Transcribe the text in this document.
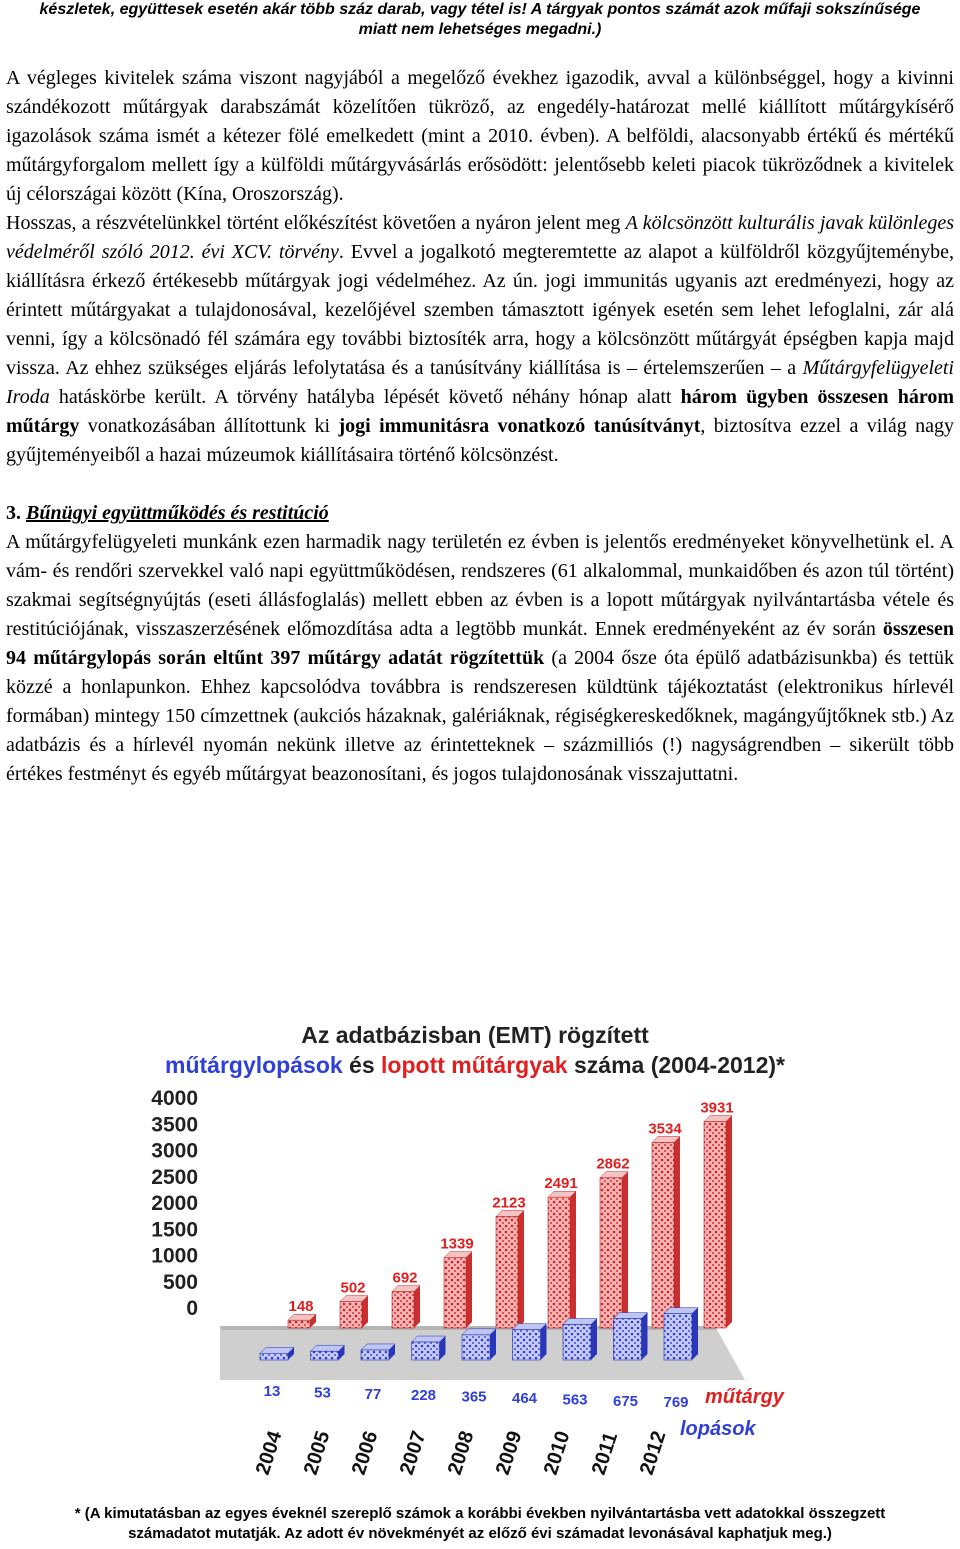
készletek, együttesek esetén akár több száz darab, vagy tétel is! A tárgyak pontos számát azok műfaji sokszínűsége
miatt nem lehetséges megadni.)

A végleges kivitelek száma viszont nagyjából a megelőző évekhez igazodik, avval a különbséggel, hogy a kivinni szándékozott műtárgyak darabszámát közelítően tükröző, az engedély-határozat mellé kiállított műtárgykísérő igazolások száma ismét a kétezer fölé emelkedett (mint a 2010. évben). A belföldi, alacsonyabb értékű és mértékű műtárgyforgalom mellett így a külföldi műtárgyvásárlás erősödött: jelentősebb keleti piacok tükröződnek a kivitelek új célországai között (Kína, Oroszország).

Hosszas, a részvételünkkel történt előkészítést követően a nyáron jelent meg A kölcsönzött kulturális javak különleges védelméről szóló 2012. évi XCV. törvény. Evvel a jogalkotó megteremtette az alapot a külföldről közgyűjteménybe, kiállításra érkező értékesebb műtárgyak jogi védelméhez. Az ún. jogi immunitás ugyanis azt eredményezi, hogy az érintett műtárgyakat a tulajdonosával, kezelőjével szemben támasztott igények esetén sem lehet lefoglalni, zár alá venni, így a kölcsönadó fél számára egy további biztosíték arra, hogy a kölcsönzött műtárgyát épségben kapja majd vissza. Az ehhez szükséges eljárás lefolytatása és a tanúsítvány kiállítása is – értelemszerűen – a Műtárgyfelügyeleti Iroda hatáskörbe került. A törvény hatályba lépését követő néhány hónap alatt három ügyben összesen három műtárgy vonatkozásában állítottunk ki jogi immunitásra vonatkozó tanúsítványt, biztosítva ezzel a világ nagy gyűjteményeiből a hazai múzeumok kiállításaira történő kölcsönzést.

3. Bűnügyi együttműködés és restitúció

A műtárgyfelügyeleti munkánk ezen harmadik nagy területén ez évben is jelentős eredményeket könyvelhetünk el. A vám- és rendőri szervekkel való napi együttműködésen, rendszeres (61 alkalommal, munkaidőben és azon túl történt) szakmai segítségnyújtás (eseti állásfoglalás) mellett ebben az évben is a lopott műtárgyak nyilvántartásba vétele és restitúciójának, visszaszerzésének előmozdítása adta a legtöbb munkát. Ennek eredményeként az év során összesen 94 műtárgylopás során eltűnt 397 műtárgy adatát rögzítettük (a 2004 ősze óta épülő adatbázisunkba) és tettük közzé a honlapunkon. Ehhez kapcsolódva továbbra is rendszeresen küldtünk tájékoztatást (elektronikus hírlevél formában) mintegy 150 címzettnek (aukciós házaknak, galériáknak, régiségkereskedőknek, magángyűjtőknek stb.) Az adatbázis és a hírlevél nyomán nekünk illetve az érintetteknek – százmilliós (!) nagyságrendben – sikerült több értékes festményt és egyéb műtárgyat beazonosítani, és jogos tulajdonosának visszajuttatni.

Az adatbázisban (EMT) rögzített
műtárgylopások és lopott műtárgyak száma (2004-2012)*
0
500
1000
1500
2000
2500
3000
3500
4000
148
13
2004
502
53
2005
692
77
2006
1339
228
2007
2123
365
2008
2491
464
2009
2862
563
2010
3534
675
2011
3931
769
2012
műtárgy
lopások
* (A kimutatásban az egyes éveknél szereplő számok a korábbi években nyilvántartásba vett adatokkal összegzett
számadatot mutatják. Az adott év növekményét az előző évi számadat levonásával kaphatjuk meg.)
